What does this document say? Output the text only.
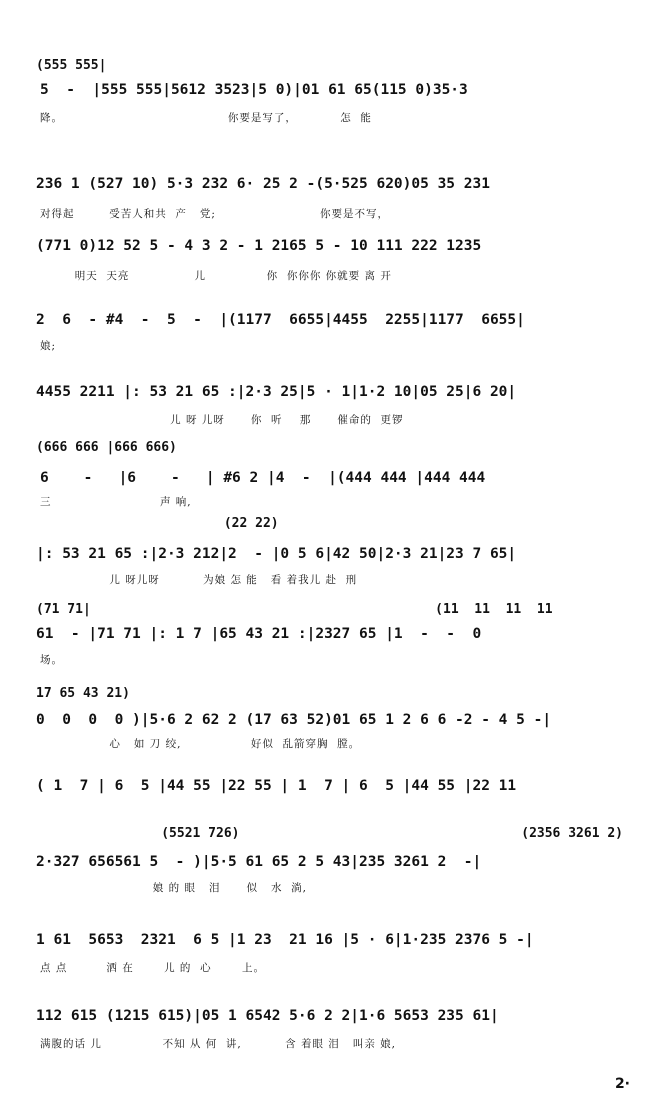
(555 555|
5  -  |555 555|5612 3523|5 0)|01 61 65(115 0)35·3
降。                                      你要是写了，          怎  能
236 1 (527 10) 5·3 232 6· 25 2 -(5·525 620)05 35 231
对得起        受苦人和共  产   党;                        你要是不写，
(771 0)12 52 5 - 4 3 2 - 1 2165 5 - 10 111 222 1235
明天  天亮               儿              你  你你你 你就要 离 开
2  6  - #4  -  5  -  |(1177  6655|4455  2255|1177  6655|
娘;
4455 2211 |: 53 21 65 :|2·3 25|5 · 1|1·2 10|05 25|6 20|
儿 呀 儿呀      你  听    那      催命的  更锣
(666 666 |666 666)
6    -   |6    -   | #6 2 |4  -  |(444 444 |444 444
三                         声 响,
(22 22)
|: 53 21 65 :|2·3 212|2  - |0 5 6|42 50|2·3 21|23 7 65|
儿 呀儿呀          为娘 怎 能   看 着我儿 赴  刑
(71 71|                                            (11  11  11  11
61  - |71 71 |: 1 7 |65 43 21 :|2327 65 |1  -  -  0
场。
17 65 43 21)
0  0  0  0 )|5·6 2 62 2 (17 63 52)01 65 1 2 6 6 -2 - 4 5 -|
心   如 刀 绞,                好似  乱箭穿胸  膛。
( 1  7 | 6  5 |44 55 |22 55 | 1  7 | 6  5 |44 55 |22 11
(5521 726)                                    (2356 3261 2)
2·327 656561 5  - )|5·5 61 65 2 5 43|235 3261 2  -|
娘 的 眼   泪      似   水  淌,
1 61  5653  2321  6 5 |1 23  21 16 |5 · 6|1·235 2376 5 -|
点 点         洒 在       儿 的  心       上。
112 615 (1215 615)|05 1 6542 5·6 2 2|1·6 5653 235 61|
满腹的话 儿              不知 从 何  讲,          含 着眼 泪   叫亲 娘,
2·
